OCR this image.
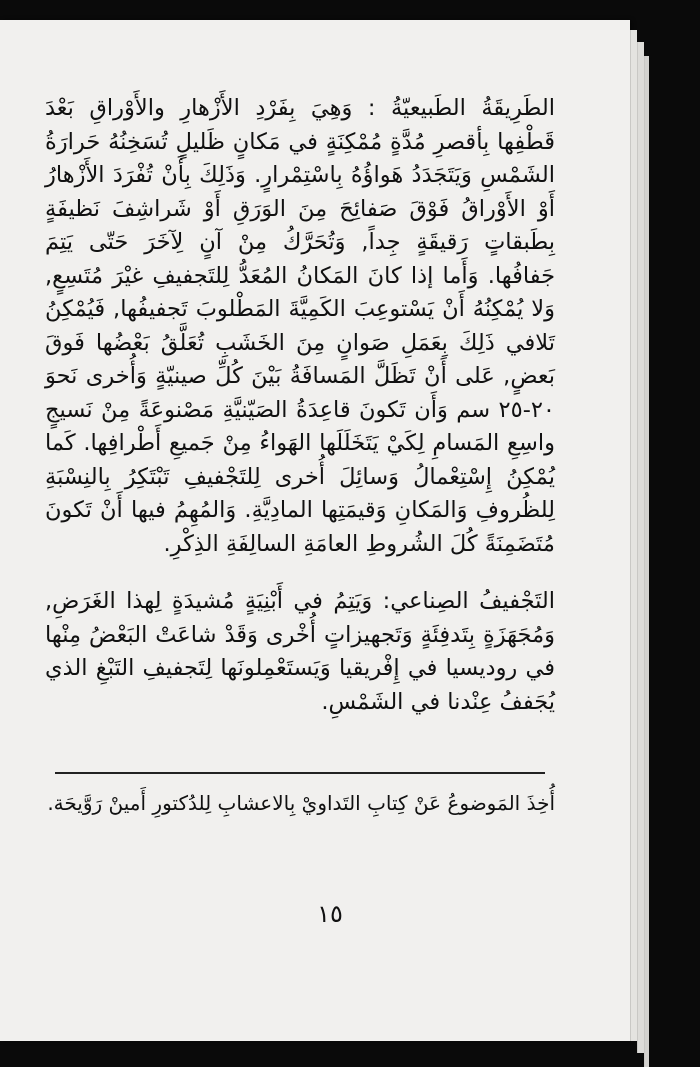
الطَرِيقَةُ الطَبيعيّةُ : وَهِيَ بِفَرْدِ الأَزْهارِ والأَوْراقِ بَعْدَ قَطْفِها بِأقصرِ مُدَّةٍ مُمْكِنَةٍ في مَكانٍ ظَليلٍ تُسَخِنُهُ حَرارَةُ الشَمْسِ وَيَتَجَدَدُ هَواؤُهُ بِاسْتِمْرارٍ. وَذَلِكَ بِأَنْ تُفْرَدَ الأَزْهارُ أَوْ الأَوْراقُ فَوْقَ صَفائِحَ مِنَ الوَرَقِ أَوْ شَراشِفَ نَظيفَةٍ بِطَبقاتٍ رَقيقَةٍ جِداً, وَتُحَرَّكُ مِنْ آنٍ لِآخَرَ حَتّى يَتِمَ جَفافُها. وَأَما إذا كانَ المَكانُ المُعَدُّ لِلتَجفيفِ غيْرَ مُتَسِعٍ, وَلا يُمْكِنُهُ أَنْ يَسْتوعِبَ الكَمِيَّةَ المَطْلوبَ تَجفيفُها, فَيُمْكِنُ تَلافي ذَلِكَ بِعَمَلِ صَوانٍ مِنَ الخَشَبِ تُعَلَّقُ بَعْضُها فَوقَ بَعضٍ, عَلى أَنْ تَظَلَّ المَسافَةُ بَيْنَ كُلِّ صينيّةٍ وَأُخرى نَحوَ ٢٠-٢٥ سم وَأَن تَكونَ قاعِدَةُ الصَيّنيَّةِ مَصْنوعَةً مِنْ نَسيجٍ واسِعِ المَسامِ لِكَيْ يَتَخَلَلَها الهَواءُ مِنْ جَميعِ أَطْرافِها. كَما يُمْكِنُ إِسْتِعْمالُ وَسائِلَ أُخرى لِلتَجْفيفِ تَبْتَكِرُ بِالنِسْبَةِ لِلظُروفِ وَالمَكانِ وَقيمَتِها المادِيَّةِ. وَالمُهِمُ فيها أَنْ تَكونَ مُتَضَمِنَةً كُلَ الشُروطِ العامَةِ السالِفَةِ الذِكْرِ.

التَجْفيفُ الصِناعي: وَيَتِمُ في أَبْنِيَةٍ مُشيدَةٍ لِهذا الغَرَضِ, وَمُجَهَزَةٍ بِتَدفِئَةٍ وَتَجهيزاتٍ أُخْرى وَقَدْ شاعَتْ البَعْضُ مِنْها في روديسيا في إِفْريقيا وَيَستَعْمِلونَها لِتَجفيفِ التَبْغِ الذي يُجَففُ عِنْدنا في الشَمْسِ.

أُخِذَ المَوضوعُ عَنْ كِتابِ التَداويْ بِالاعشابِ لِلدُكتورِ أَمينْ رَوَّيحَة.

١٥
